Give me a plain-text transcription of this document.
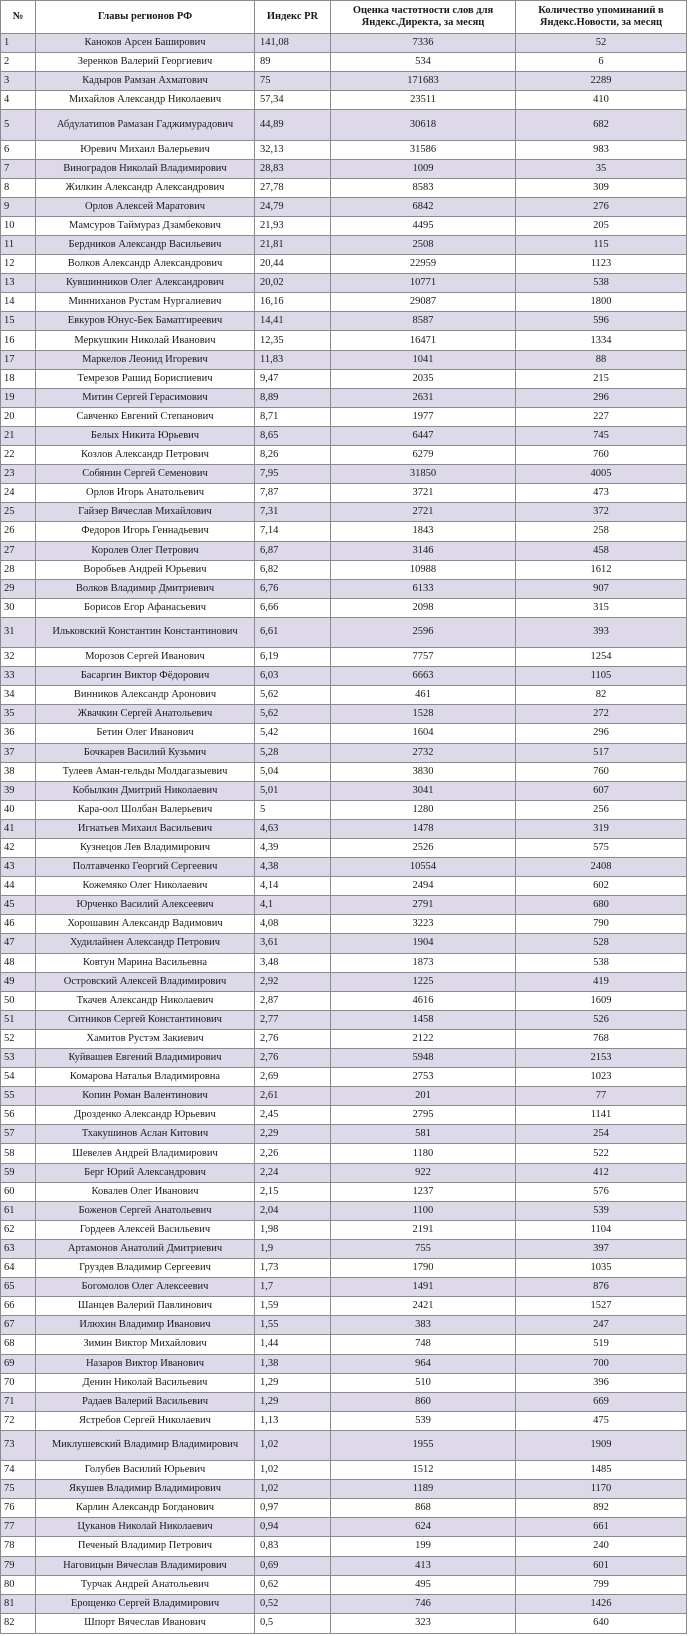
№	Главы регионов РФ	Индекс PR	Оценка частотности слов для Яндекс.Директа, за месяц	Количество упоминаний в Яндекс.Новости, за месяц
1	Каноков Арсен Баширович	141,08	7336	52
2	Зеренков Валерий Георгиевич	89	534	6
3	Кадыров Рамзан Ахматович	75	171683	2289
4	Михайлов Александр Николаевич	57,34	23511	410
5	Абдулатипов Рамазан Гаджимурадович	44,89	30618	682
6	Юревич Михаил Валерьевич	32,13	31586	983
7	Виноградов Николай Владимирович	28,83	1009	35
8	Жилкин Александр Александрович	27,78	8583	309
9	Орлов Алексей Маратович	24,79	6842	276
10	Мамсуров Таймураз Дзамбекович	21,93	4495	205
11	Бердников Александр Васильевич	21,81	2508	115
12	Волков Александр Александрович	20,44	22959	1123
13	Кувшинников Олег Александрович	20,02	10771	538
14	Минниханов Рустам Нургалиевич	16,16	29087	1800
15	Евкуров Юнус-Бек Баматгиреевич	14,41	8587	596
16	Меркушкин Николай Иванович	12,35	16471	1334
17	Маркелов Леонид Игоревич	11,83	1041	88
18	Темрезов Рашид Бориспиевич	9,47	2035	215
19	Митин Сергей Герасимович	8,89	2631	296
20	Савченко Евгений Степанович	8,71	1977	227
21	Белых Никита Юрьевич	8,65	6447	745
22	Козлов Александр Петрович	8,26	6279	760
23	Собянин Сергей Семенович	7,95	31850	4005
24	Орлов Игорь Анатольевич	7,87	3721	473
25	Гайзер Вячеслав Михайлович	7,31	2721	372
26	Федоров Игорь Геннадьевич	7,14	1843	258
27	Королев Олег Петрович	6,87	3146	458
28	Воробьев Андрей Юрьевич	6,82	10988	1612
29	Волков Владимир Дмитриевич	6,76	6133	907
30	Борисов Егор Афанасьевич	6,66	2098	315
31	Ильковский Константин Константинович	6,61	2596	393
32	Морозов Сергей Иванович	6,19	7757	1254
33	Басаргин Виктор Фёдорович	6,03	6663	1105
34	Винников Александр Аронович	5,62	461	82
35	Жвачкин Сергей Анатольевич	5,62	1528	272
36	Бетин Олег Иванович	5,42	1604	296
37	Бочкарев Василий Кузьмич	5,28	2732	517
38	Тулеев Аман-гельды Молдагазыевич	5,04	3830	760
39	Кобылкин Дмитрий Николаевич	5,01	3041	607
40	Кара-оол Шолбан Валерьевич	5	1280	256
41	Игнатьев Михаил Васильевич	4,63	1478	319
42	Кузнецов Лев Владимирович	4,39	2526	575
43	Полтавченко Георгий Сергеевич	4,38	10554	2408
44	Кожемяко Олег Николаевич	4,14	2494	602
45	Юрченко Василий Алексеевич	4,1	2791	680
46	Хорошавин Александр Вадимович	4,08	3223	790
47	Худилайнен Александр Петрович	3,61	1904	528
48	Ковтун Марина Васильевна	3,48	1873	538
49	Островский Алексей Владимирович	2,92	1225	419
50	Ткачев Александр Николаевич	2,87	4616	1609
51	Ситников Сергей Константинович	2,77	1458	526
52	Хамитов Рустэм Закиевич	2,76	2122	768
53	Куйвашев Евгений Владимирович	2,76	5948	2153
54	Комарова Наталья Владимировна	2,69	2753	1023
55	Копин Роман Валентинович	2,61	201	77
56	Дрозденко Александр Юрьевич	2,45	2795	1141
57	Тхакушинов Аслан Китович	2,29	581	254
58	Шевелев Андрей Владимирович	2,26	1180	522
59	Берг Юрий Александрович	2,24	922	412
60	Ковалев Олег Иванович	2,15	1237	576
61	Боженов Сергей Анатольевич	2,04	1100	539
62	Гордеев Алексей Васильевич	1,98	2191	1104
63	Артамонов Анатолий Дмитриевич	1,9	755	397
64	Груздев Владимир Сергеевич	1,73	1790	1035
65	Богомолов Олег Алексеевич	1,7	1491	876
66	Шанцев Валерий Павлинович	1,59	2421	1527
67	Илюхин Владимир Иванович	1,55	383	247
68	Зимин Виктор Михайлович	1,44	748	519
69	Назаров Виктор Иванович	1,38	964	700
70	Денин Николай Васильевич	1,29	510	396
71	Радаев Валерий Васильевич	1,29	860	669
72	Ястребов Сергей Николаевич	1,13	539	475
73	Миклушевский Владимир Владимирович	1,02	1955	1909
74	Голубев Василий Юрьевич	1,02	1512	1485
75	Якушев Владимир Владимирович	1,02	1189	1170
76	Карлин Александр Богданович	0,97	868	892
77	Цуканов Николай Николаевич	0,94	624	661
78	Печеный Владимир Петрович	0,83	199	240
79	Наговицын Вячеслав Владимирович	0,69	413	601
80	Турчак Андрей Анатольевич	0,62	495	799
81	Ерощенко Сергей Владимирович	0,52	746	1426
82	Шпорт Вячеслав Иванович	0,5	323	640
